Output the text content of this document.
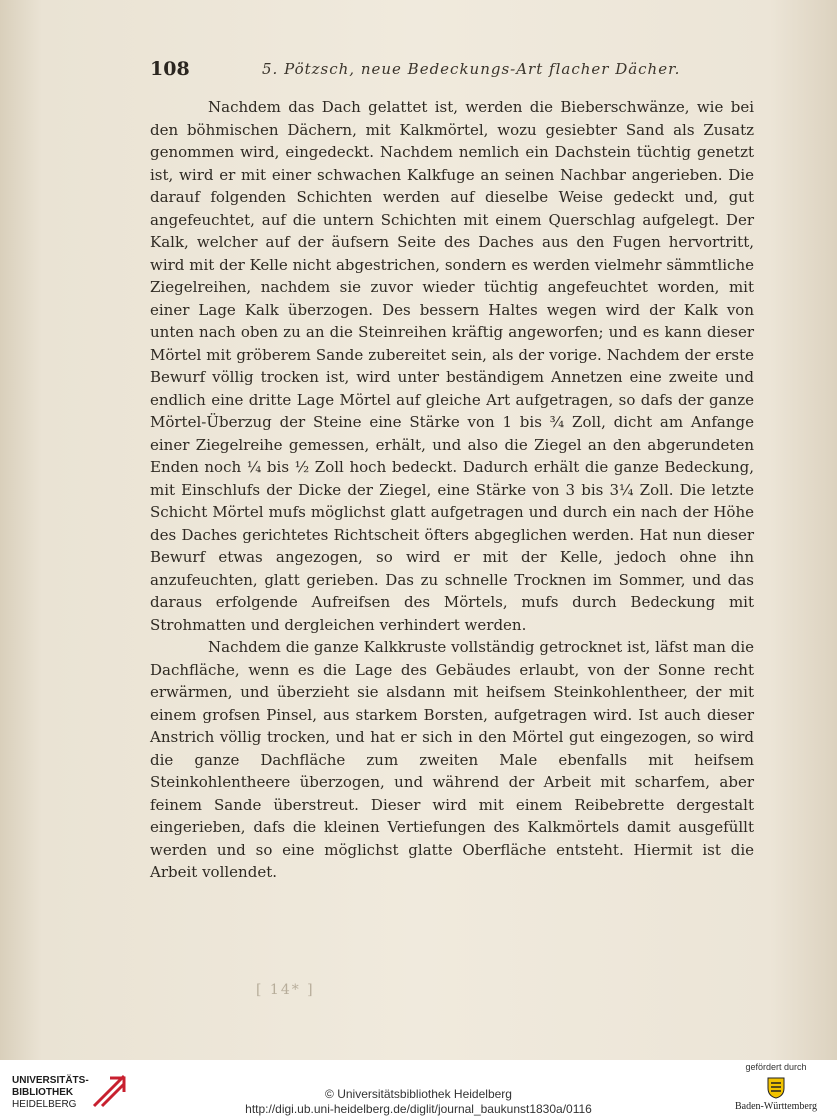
108	5. Pötzsch, neue Bedeckungs-Art flacher Dächer.

Nachdem das Dach gelattet ist, werden die Bieberschwänze, wie bei den böhmischen Dächern, mit Kalkmörtel, wozu gesiebter Sand als Zusatz genommen wird, eingedeckt. Nachdem nemlich ein Dachstein tüchtig genetzt ist, wird er mit einer schwachen Kalkfuge an seinen Nachbar angerieben. Die darauf folgenden Schichten werden auf dieselbe Weise gedeckt und, gut angefeuchtet, auf die untern Schichten mit einem Querschlag aufgelegt. Der Kalk, welcher auf der äufsern Seite des Daches aus den Fugen hervortritt, wird mit der Kelle nicht abgestrichen, sondern es werden vielmehr sämmtliche Ziegelreihen, nachdem sie zuvor wieder tüchtig angefeuchtet worden, mit einer Lage Kalk überzogen. Des bessern Haltes wegen wird der Kalk von unten nach oben zu an die Steinreihen kräftig angeworfen; und es kann dieser Mörtel mit gröberem Sande zubereitet sein, als der vorige. Nachdem der erste Bewurf völlig trocken ist, wird unter beständigem Annetzen eine zweite und endlich eine dritte Lage Mörtel auf gleiche Art aufgetragen, so dafs der ganze Mörtel-Überzug der Steine eine Stärke von 1 bis ¾ Zoll, dicht am Anfange einer Ziegelreihe gemessen, erhält, und also die Ziegel an den abgerundeten Enden noch ¼ bis ½ Zoll hoch bedeckt. Dadurch erhält die ganze Bedeckung, mit Einschlufs der Dicke der Ziegel, eine Stärke von 3 bis 3¼ Zoll. Die letzte Schicht Mörtel mufs möglichst glatt aufgetragen und durch ein nach der Höhe des Daches gerichtetes Richtscheit öfters abgeglichen werden. Hat nun dieser Bewurf etwas angezogen, so wird er mit der Kelle, jedoch ohne ihn anzufeuchten, glatt gerieben. Das zu schnelle Trocknen im Sommer, und das daraus erfolgende Aufreifsen des Mörtels, mufs durch Bedeckung mit Strohmatten und dergleichen verhindert werden.

Nachdem die ganze Kalkkruste vollständig getrocknet ist, läfst man die Dachfläche, wenn es die Lage des Gebäudes erlaubt, von der Sonne recht erwärmen, und überzieht sie alsdann mit heifsem Steinkohlentheer, der mit einem grofsen Pinsel, aus starkem Borsten, aufgetragen wird. Ist auch dieser Anstrich völlig trocken, und hat er sich in den Mörtel gut eingezogen, so wird die ganze Dachfläche zum zweiten Male ebenfalls mit heifsem Steinkohlentheere überzogen, und während der Arbeit mit scharfem, aber feinem Sande überstreut. Dieser wird mit einem Reibebrette dergestalt eingerieben, dafs die kleinen Vertiefungen des Kalkmörtels damit ausgefüllt werden und so eine möglichst glatte Oberfläche entsteht. Hiermit ist die Arbeit vollendet.

[ 14* ]
UNIVERSITÄTS-
BIBLIOTHEK
HEIDELBERG
© Universitätsbibliothek Heidelberg
http://digi.ub.uni-heidelberg.de/diglit/journal_baukunst1830a/0116
gefördert durch
Baden-Württemberg
